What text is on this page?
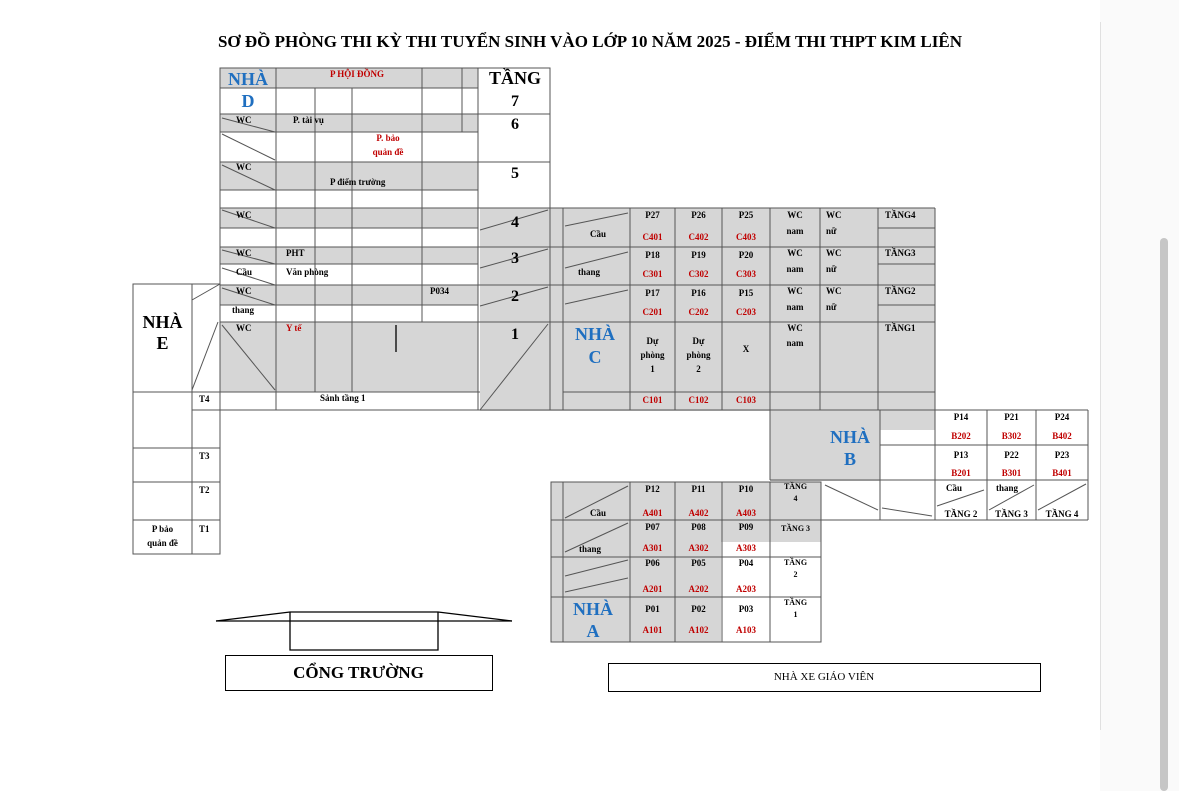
SƠ ĐỒ PHÒNG THI KỲ THI TUYỂN SINH VÀO LỚP 10 NĂM 2025 - ĐIỂM THI THPT KIM LIÊN
NHÀ
D
P HỘI ĐỒNG
WC	P. tài vụ
P. bảo
quản đề
WC
P điểm trường
WC
WC	PHT
Cầu	Văn phòng
WC	P034
thang
WC	Y tế
Sảnh tầng 1
TẦNG
7
6
5
4
3
2
1
NHÀ
E
T4
T3
T2
T1
P bảo
quản đề
Cầu
thang
NHÀ
C
P27	P26	P25
C401	C402	C403
WC
nam
WC
nữ
TẦNG4
P18	P19	P20
C301	C302	C303
WC
nam
WC
nữ
TẦNG3
P17	P16	P15
C201	C202	C203
WC
nam
WC
nữ
TẦNG2
Dự
phòng
1
Dự
phòng
2
X
WC
nam
TẦNG1
C101	C102	C103
NHÀ
B
P14	P21	P24
B202	B302	B402
P13	P22	P23
B201	B301	B401
Cầu	thang
TẦNG 2	TẦNG 3	TẦNG 4
Cầu
thang
NHÀ
A
P12	P11	P10
A401	A402	A403
TẦNG
4
P07	P08	P09
A301	A302	A303
TẦNG 3
P06	P05	P04
A201	A202	A203
TẦNG
2
P01	P02	P03
A101	A102	A103
TẦNG
1
CỔNG TRƯỜNG	NHÀ XE GIÁO VIÊN
